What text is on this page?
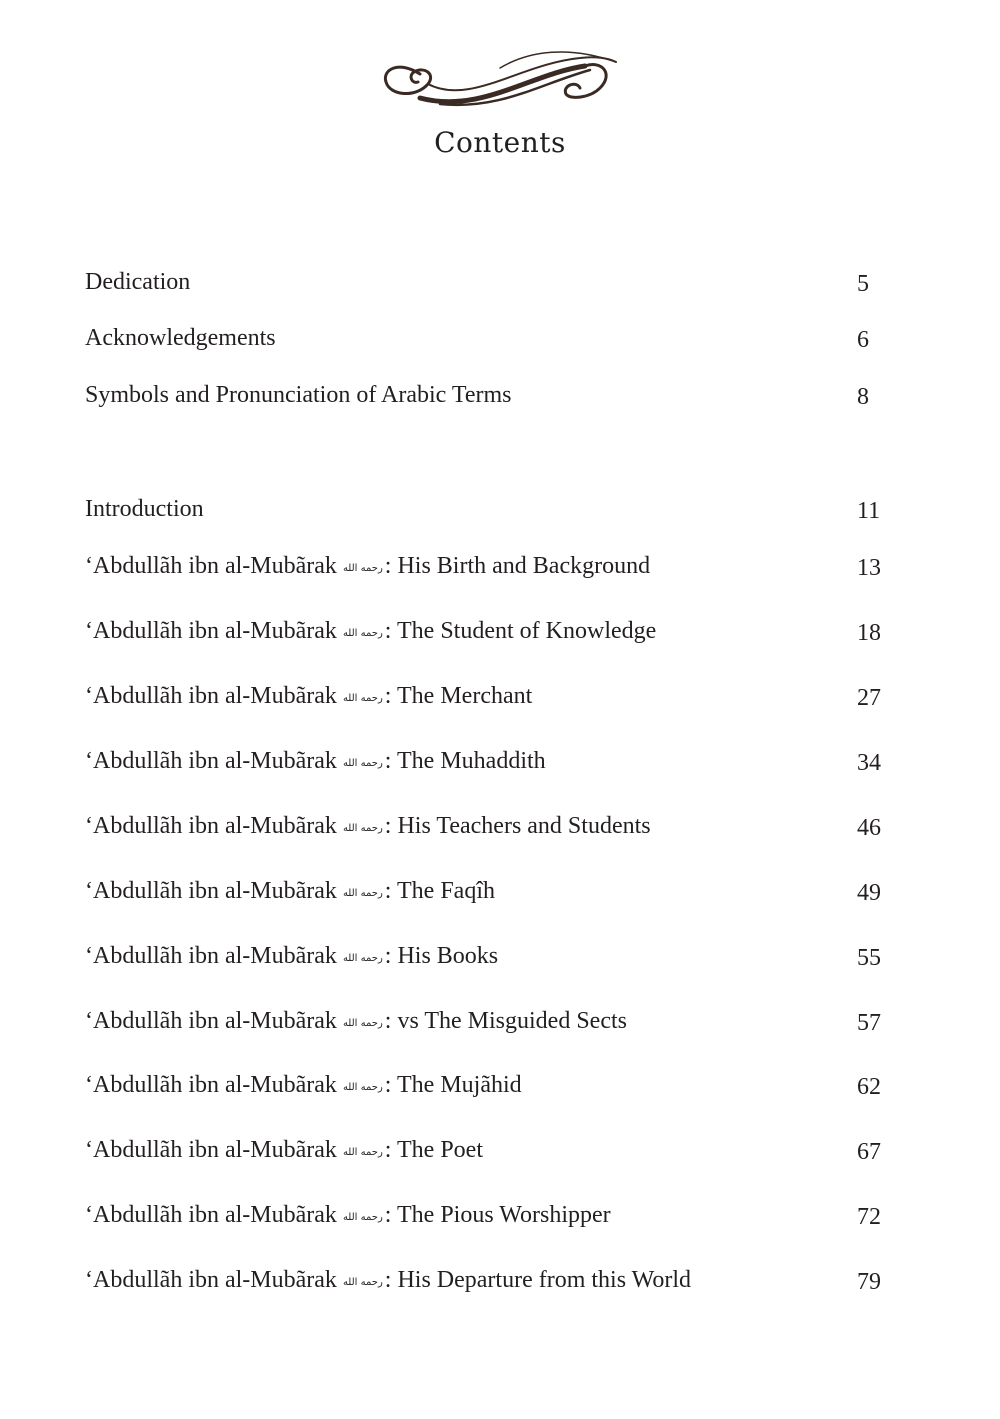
Contents
Dedication	5
Acknowledgements	6
Symbols and Pronunciation of Arabic Terms	8
Introduction	11
‘Abdullãh ibn al-Mubãrak رحمه الله: His Birth and Background	13
‘Abdullãh ibn al-Mubãrak رحمه الله: The Student of Knowledge	18
‘Abdullãh ibn al-Mubãrak رحمه الله: The Merchant	27
‘Abdullãh ibn al-Mubãrak رحمه الله: The Muhaddith	34
‘Abdullãh ibn al-Mubãrak رحمه الله: His Teachers and Students	46
‘Abdullãh ibn al-Mubãrak رحمه الله: The Faqîh	49
‘Abdullãh ibn al-Mubãrak رحمه الله: His Books	55
‘Abdullãh ibn al-Mubãrak رحمه الله: vs The Misguided Sects	57
‘Abdullãh ibn al-Mubãrak رحمه الله: The Mujãhid	62
‘Abdullãh ibn al-Mubãrak رحمه الله: The Poet	67
‘Abdullãh ibn al-Mubãrak رحمه الله: The Pious Worshipper	72
‘Abdullãh ibn al-Mubãrak رحمه الله: His Departure from this World	79
